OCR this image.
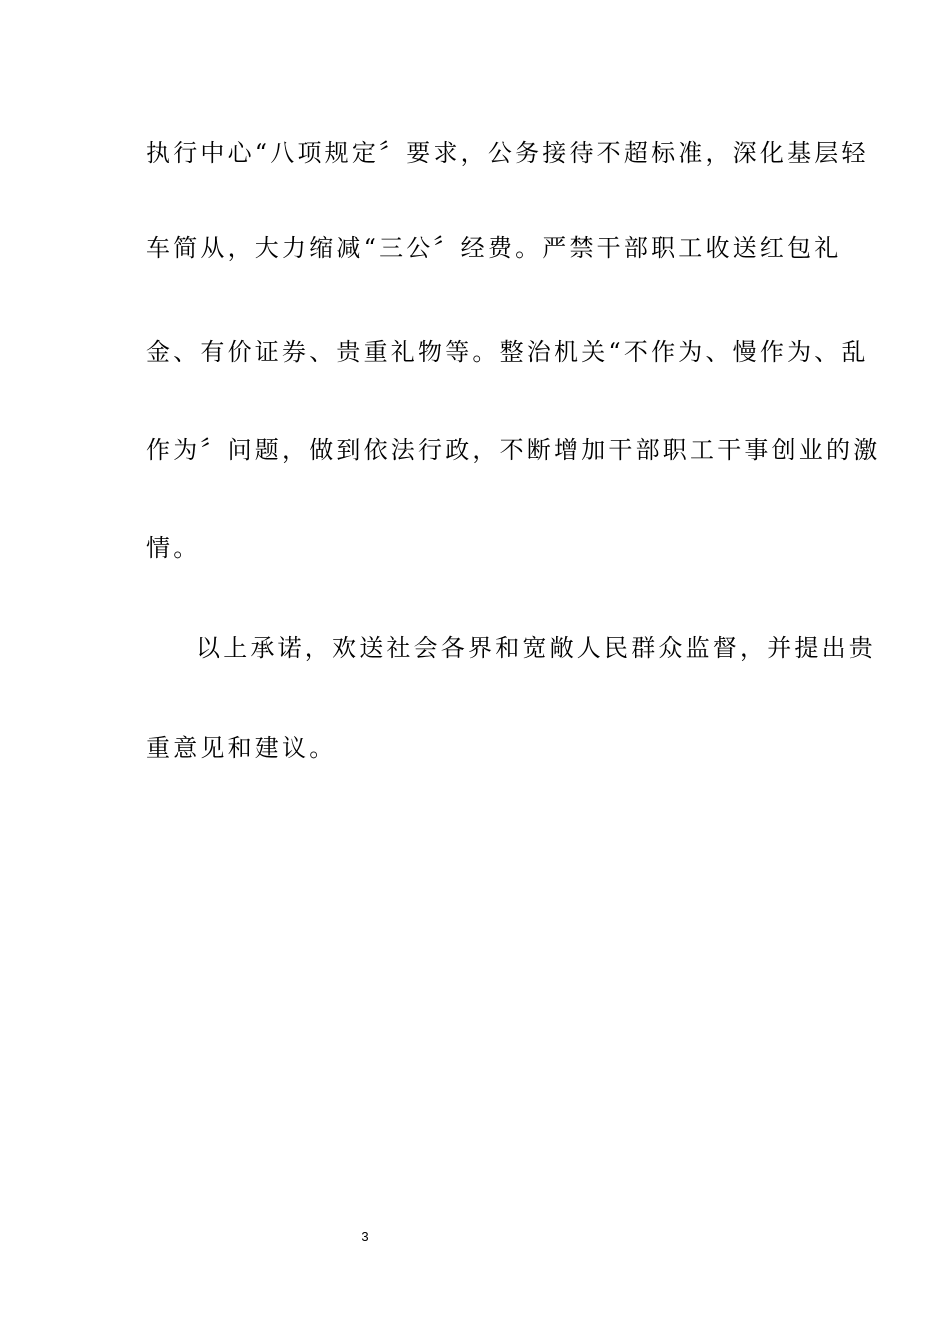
执行中心“八项规定〞要求，公务接待不超标准，深化基层轻
车简从，大力缩减“三公〞经费。严禁干部职工收送红包礼
金、有价证券、贵重礼物等。整治机关“不作为、慢作为、乱
作为〞问题，做到依法行政，不断增加干部职工干事创业的激
情。
以上承诺，欢送社会各界和宽敞人民群众监督，并提出贵
重意见和建议。
3
